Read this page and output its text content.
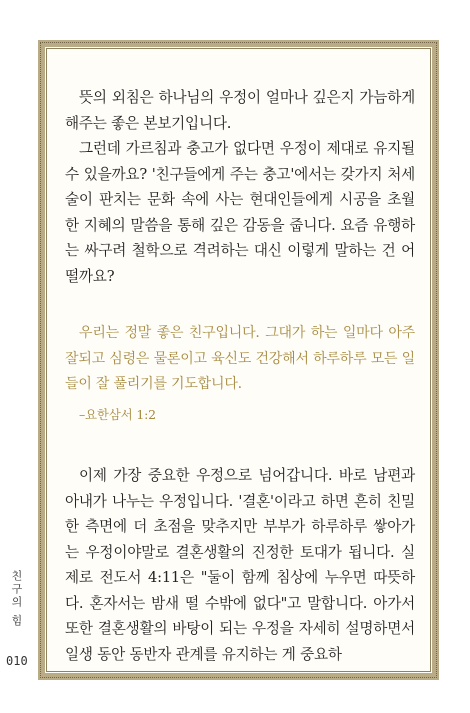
뜻의 외침은 하나님의 우정이 얼마나 깊은지 가늠하게 해주는 좋은 본보기입니다.

그런데 가르침과 충고가 없다면 우정이 제대로 유지될 수 있을까요? '친구들에게 주는 충고'에서는 갖가지 처세술이 판치는 문화 속에 사는 현대인들에게 시공을 초월한 지혜의 말씀을 통해 깊은 감동을 줍니다. 요즘 유행하는 싸구려 철학으로 격려하는 대신 이렇게 말하는 건 어떨까요?

우리는 정말 좋은 친구입니다. 그대가 하는 일마다 아주 잘되고 심령은 물론이고 육신도 건강해서 하루하루 모든 일들이 잘 풀리기를 기도합니다.

–요한삼서 1:2

이제 가장 중요한 우정으로 넘어갑니다. 바로 남편과 아내가 나누는 우정입니다. '결혼'이라고 하면 흔히 친밀한 측면에 더 초점을 맞추지만 부부가 하루하루 쌓아가는 우정이야말로 결혼생활의 진정한 토대가 됩니다. 실제로 전도서 4:11은 "둘이 함께 침상에 누우면 따뜻하다. 혼자서는 밤새 떨 수밖에 없다"고 말합니다. 아가서 또한 결혼생활의 바탕이 되는 우정을 자세히 설명하면서 일생 동안 동반자 관계를 유지하는 게 중요하

친구의 힘
010
